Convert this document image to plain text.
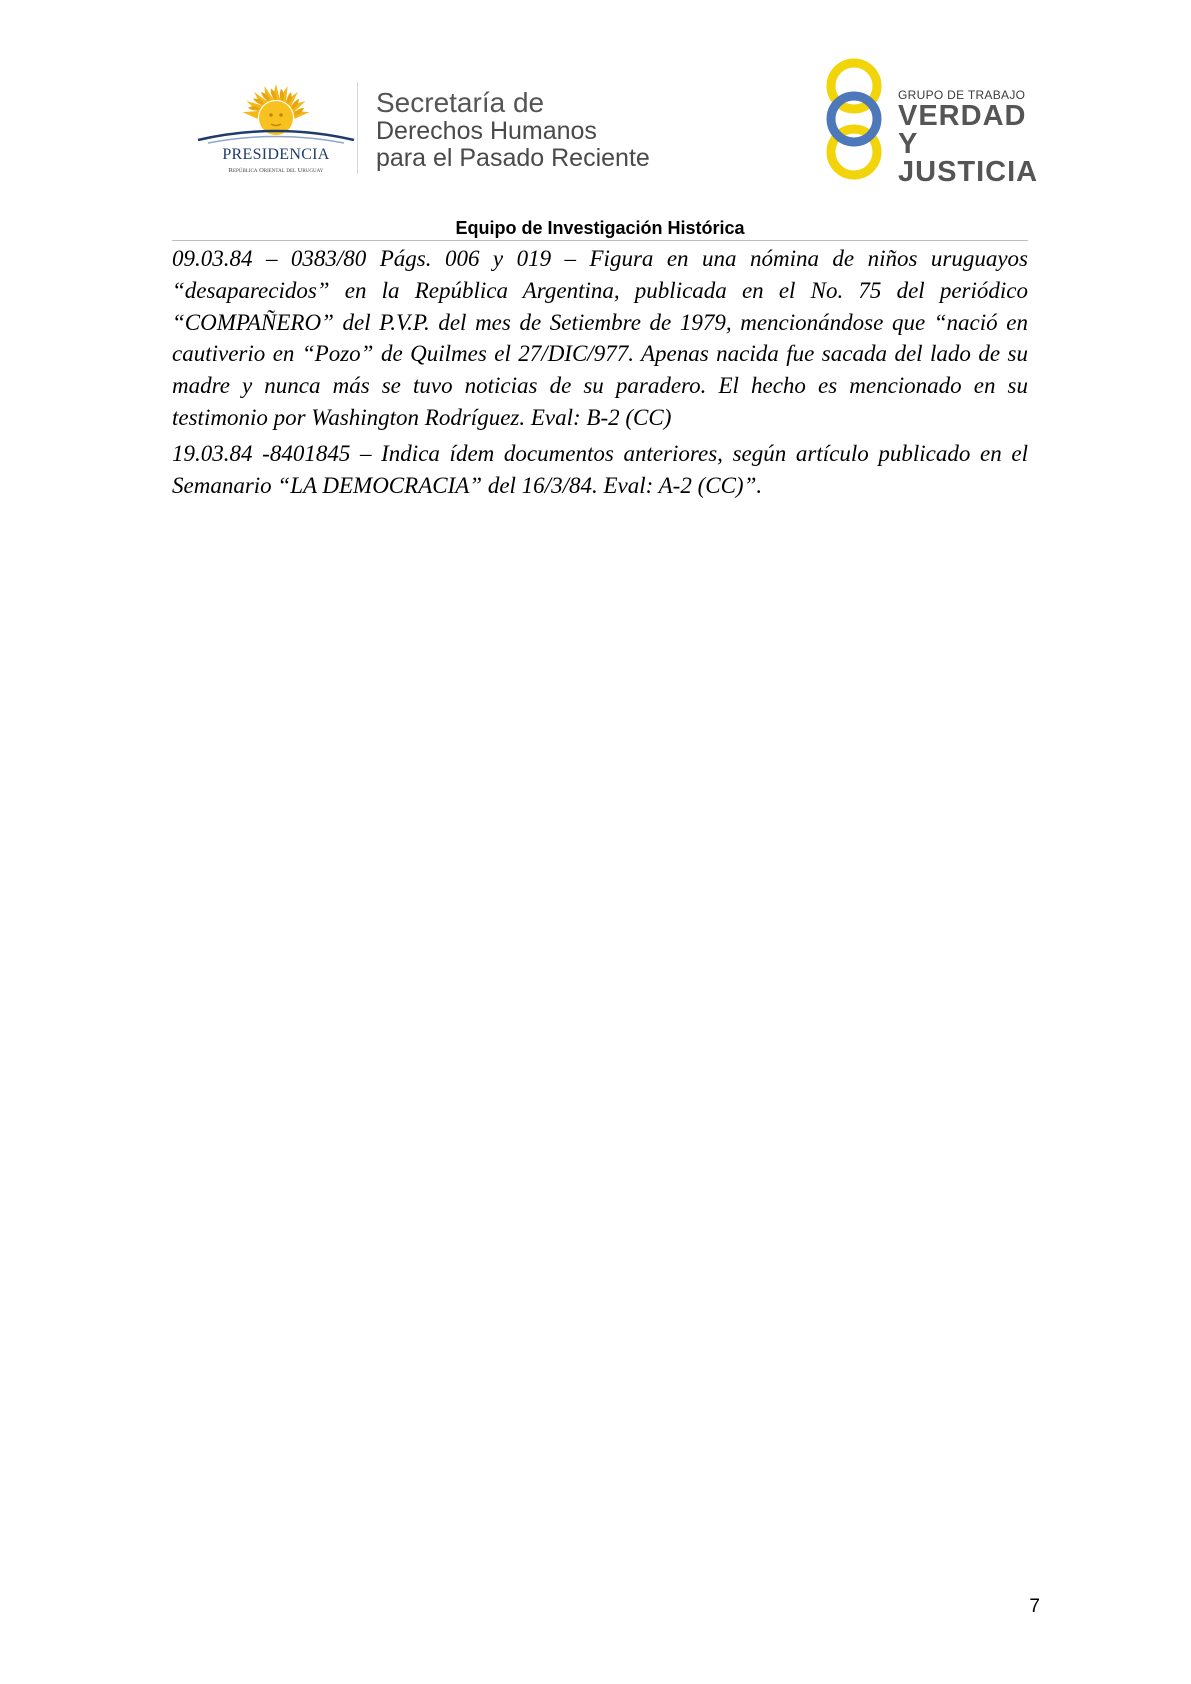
PRESIDENCIA
República Oriental del Uruguay
Secretaría de
Derechos Humanos
para el Pasado Reciente
GRUPO DE TRABAJO
VERDAD Y
JUSTICIA
Equipo de Investigación Histórica

09.03.84 – 0383/80 Págs. 006 y 019 – Figura en una nómina de niños uruguayos “desaparecidos” en la República Argentina, publicada en el No. 75 del periódico “COMPAÑERO” del P.V.P. del mes de Setiembre de 1979, mencionándose que “nació en cautiverio en “Pozo” de Quilmes el 27/DIC/977. Apenas nacida fue sacada del lado de su madre y nunca más se tuvo noticias de su paradero. El hecho es mencionado en su testimonio por Washington Rodríguez. Eval: B-2 (CC)

19.03.84 -8401845 – Indica ídem documentos anteriores, según artículo publicado en el Semanario “LA DEMOCRACIA” del 16/3/84. Eval: A-2 (CC)”.

7
